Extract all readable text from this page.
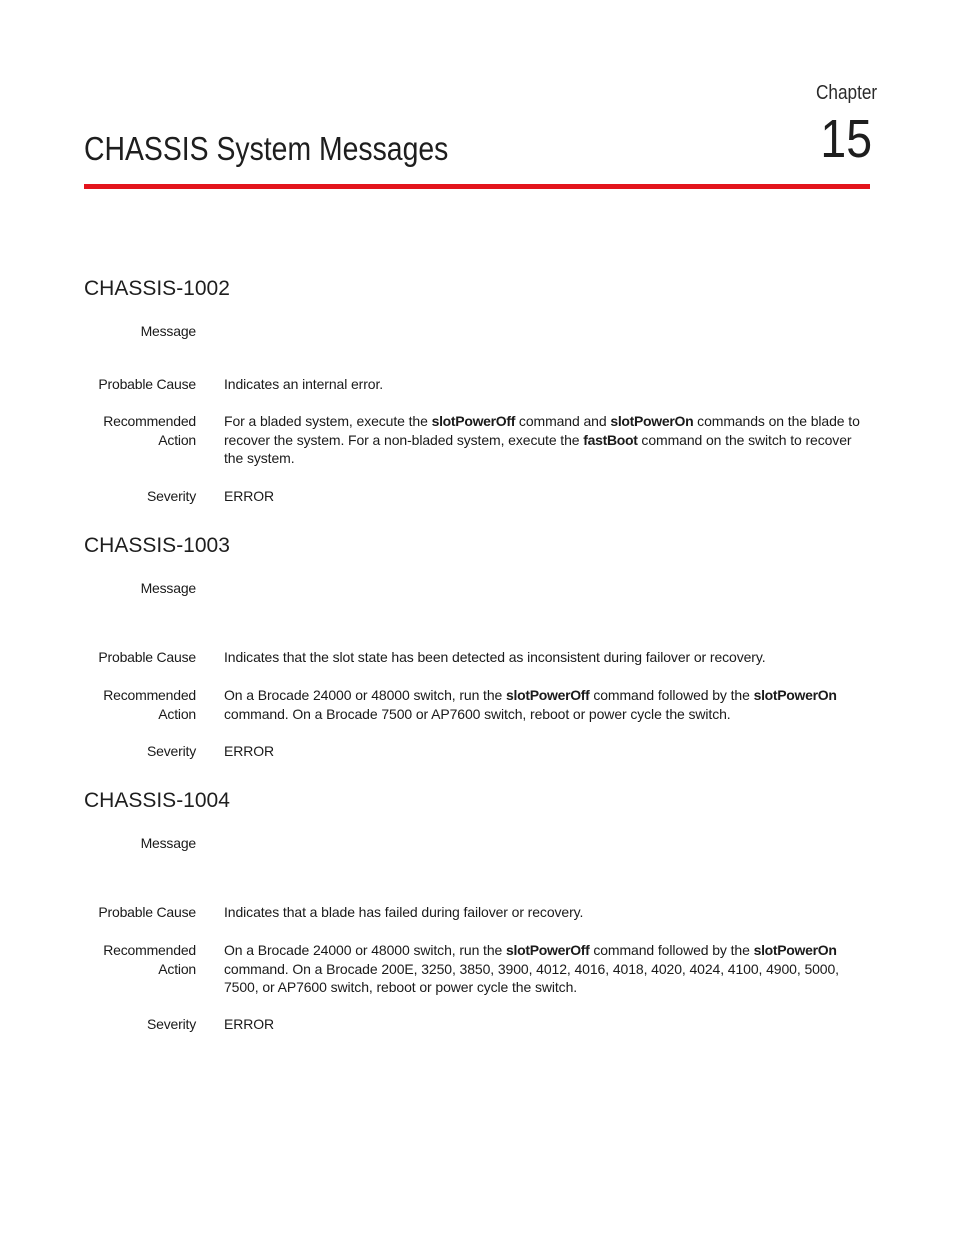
Chapter
15
CHASSIS System Messages
CHASSIS-1002
Message
Probable Cause Indicates an internal error.
Recommended
Action
For a bladed system, execute the slotPowerOff command and slotPowerOn commands on the blade to recover the system. For a non-bladed system, execute the fastBoot command on the switch to recover the system.
Severity ERROR
CHASSIS-1003
Message
Probable Cause Indicates that the slot state has been detected as inconsistent during failover or recovery.
Recommended
Action
On a Brocade 24000 or 48000 switch, run the slotPowerOff command followed by the slotPowerOn command. On a Brocade 7500 or AP7600 switch, reboot or power cycle the switch.
Severity ERROR
CHASSIS-1004
Message
Probable Cause Indicates that a blade has failed during failover or recovery.
Recommended
Action
On a Brocade 24000 or 48000 switch, run the slotPowerOff command followed by the slotPowerOn command. On a Brocade 200E, 3250, 3850, 3900, 4012, 4016, 4018, 4020, 4024, 4100, 4900, 5000, 7500, or AP7600 switch, reboot or power cycle the switch.
Severity ERROR
